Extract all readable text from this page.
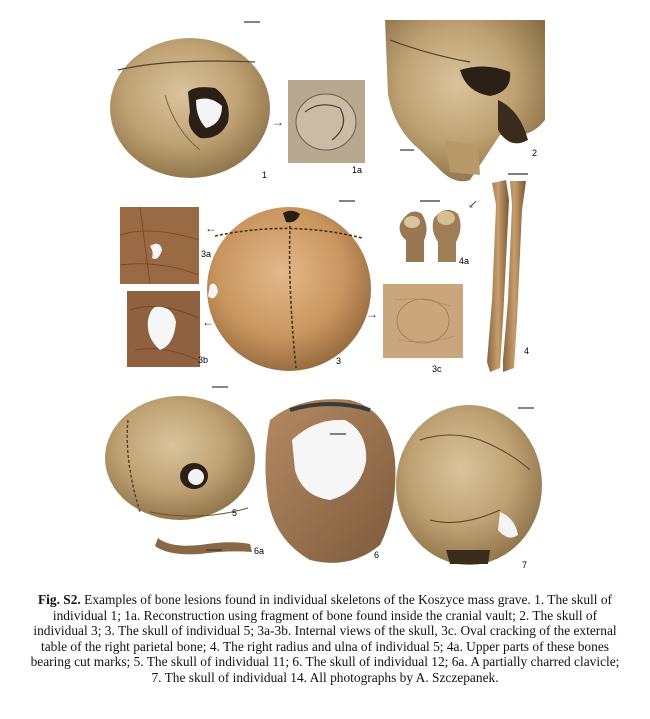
1
→
1a
2
←
3a
←
3b	3
→
3c
↙
4a
4
5
6a	6
7
Fig. S2. Examples of bone lesions found in individual skeletons of the Koszyce mass grave. 1. The skull of individual 1; 1a. Reconstruction using fragment of bone found inside the cranial vault; 2. The skull of individual 3; 3. The skull of individual 5; 3a-3b. Internal views of the skull, 3c. Oval cracking of the external table of the right parietal bone; 4. The right radius and ulna of individual 5; 4a. Upper parts of these bones bearing cut marks; 5. The skull of individual 11; 6. The skull of individual 12; 6a. A partially charred clavicle; 7. The skull of individual 14. All photographs by A. Szczepanek.
